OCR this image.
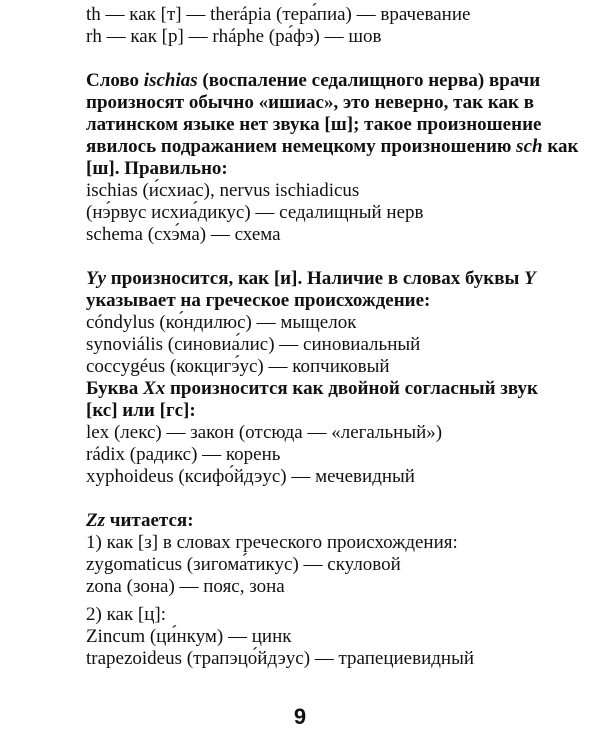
th — как [т] — therápia (тера́пиа) — врачевание
rh — как [р] — rháphe (ра́фэ) — шов
Слово ischias (воспаление седалищного нерва) врачи
произносят обычно «ишиас», это неверно, так как в
латинском языке нет звука [ш]; такое произношение
явилось подражанием немецкому произношению sch как
[ш]. Правильно:
ischias (и́схиас), nervus ischiadicus
(нэ́рвус исхиа́дикус) — седалищный нерв
schema (схэ́ма) — схема
Yy произносится, как [и]. Наличие в словах буквы Y
указывает на греческое происхождение:
cóndylus (ко́ндилюс) — мыщелок
synoviális (синовиа́лис) — синовиальный
coccygéus (кокцигэ́ус) — копчиковый
Буква Xx произносится как двойной согласный звук
[кс] или [гс]:
lex (лекс) — закон (отсюда — «легальный»)
rádix (радикс) — корень
xyphoideus (ксифо́йдэус) — мечевидный
Zz читается:
1) как [з] в словах греческого происхождения:
zygomaticus (зигома́тикус) — скуловой
zona (зона) — пояс, зона
2) как [ц]:
Zincum (ци́нкум) — цинк
trapezoideus (трапэцо́йдэус) — трапециевидный
9
